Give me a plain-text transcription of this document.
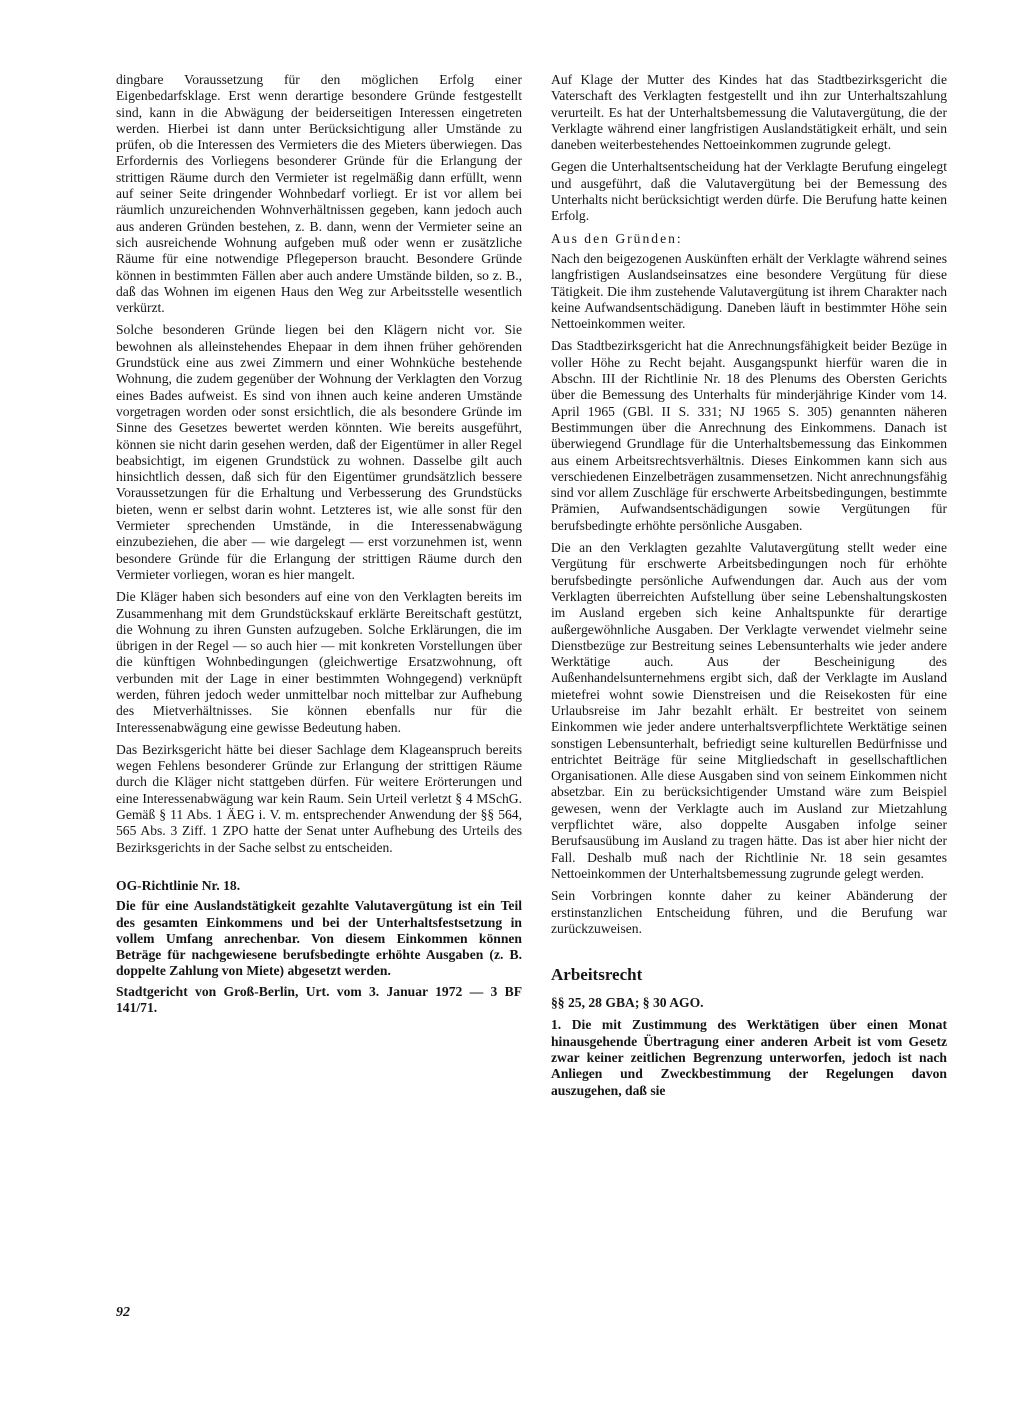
dingbare Voraussetzung für den möglichen Erfolg einer Eigenbedarfsklage. Erst wenn derartige besondere Gründe festgestellt sind, kann in die Abwägung der beiderseitigen Interessen eingetreten werden. Hierbei ist dann unter Berücksichtigung aller Umstände zu prüfen, ob die Interessen des Vermieters die des Mieters überwiegen. Das Erfordernis des Vorliegens besonderer Gründe für die Erlangung der strittigen Räume durch den Vermieter ist regelmäßig dann erfüllt, wenn auf seiner Seite dringender Wohnbedarf vorliegt. Er ist vor allem bei räumlich unzureichenden Wohnverhältnissen gegeben, kann jedoch auch aus anderen Gründen bestehen, z. B. dann, wenn der Vermieter seine an sich ausreichende Wohnung aufgeben muß oder wenn er zusätzliche Räume für eine notwendige Pflegeperson braucht. Besondere Gründe können in bestimmten Fällen aber auch andere Umstände bilden, so z. B., daß das Wohnen im eigenen Haus den Weg zur Arbeitsstelle wesentlich verkürzt.

Solche besonderen Gründe liegen bei den Klägern nicht vor. Sie bewohnen als alleinstehendes Ehepaar in dem ihnen früher gehörenden Grundstück eine aus zwei Zimmern und einer Wohnküche bestehende Wohnung, die zudem gegenüber der Wohnung der Verklagten den Vorzug eines Bades aufweist. Es sind von ihnen auch keine anderen Umstände vorgetragen worden oder sonst ersichtlich, die als besondere Gründe im Sinne des Gesetzes bewertet werden könnten. Wie bereits ausgeführt, können sie nicht darin gesehen werden, daß der Eigentümer in aller Regel beabsichtigt, im eigenen Grundstück zu wohnen. Dasselbe gilt auch hinsichtlich dessen, daß sich für den Eigentümer grundsätzlich bessere Voraussetzungen für die Erhaltung und Verbesserung des Grundstücks bieten, wenn er selbst darin wohnt. Letzteres ist, wie alle sonst für den Vermieter sprechenden Umstände, in die Interessenabwägung einzubeziehen, die aber — wie dargelegt — erst vorzunehmen ist, wenn besondere Gründe für die Erlangung der strittigen Räume durch den Vermieter vorliegen, woran es hier mangelt.

Die Kläger haben sich besonders auf eine von den Verklagten bereits im Zusammenhang mit dem Grundstückskauf erklärte Bereitschaft gestützt, die Wohnung zu ihren Gunsten aufzugeben. Solche Erklärungen, die im übrigen in der Regel — so auch hier — mit konkreten Vorstellungen über die künftigen Wohnbedingungen (gleichwertige Ersatzwohnung, oft verbunden mit der Lage in einer bestimmten Wohngegend) verknüpft werden, führen jedoch weder unmittelbar noch mittelbar zur Aufhebung des Mietverhältnisses. Sie können ebenfalls nur für die Interessenabwägung eine gewisse Bedeutung haben.

Das Bezirksgericht hätte bei dieser Sachlage dem Klageanspruch bereits wegen Fehlens besonderer Gründe zur Erlangung der strittigen Räume durch die Kläger nicht stattgeben dürfen. Für weitere Erörterungen und eine Interessenabwägung war kein Raum. Sein Urteil verletzt § 4 MSchG. Gemäß § 11 Abs. 1 ÄEG i. V. m. entsprechender Anwendung der §§ 564, 565 Abs. 3 Ziff. 1 ZPO hatte der Senat unter Aufhebung des Urteils des Bezirksgerichts in der Sache selbst zu entscheiden.

OG-Richtlinie Nr. 18.

Die für eine Auslandstätigkeit gezahlte Valutavergütung ist ein Teil des gesamten Einkommens und bei der Unterhaltsfestsetzung in vollem Umfang anrechenbar. Von diesem Einkommen können Beträge für nachgewiesene berufsbedingte erhöhte Ausgaben (z. B. doppelte Zahlung von Miete) abgesetzt werden.

Stadtgericht von Groß-Berlin, Urt. vom 3. Januar 1972 — 3 BF 141/71.

Auf Klage der Mutter des Kindes hat das Stadtbezirksgericht die Vaterschaft des Verklagten festgestellt und ihn zur Unterhaltszahlung verurteilt. Es hat der Unterhaltsbemessung die Valutavergütung, die der Verklagte während einer langfristigen Auslandstätigkeit erhält, und sein daneben weiterbestehendes Nettoeinkommen zugrunde gelegt.

Gegen die Unterhaltsentscheidung hat der Verklagte Berufung eingelegt und ausgeführt, daß die Valutavergütung bei der Bemessung des Unterhalts nicht berücksichtigt werden dürfe. Die Berufung hatte keinen Erfolg.

Aus den Gründen:

Nach den beigezogenen Auskünften erhält der Verklagte während seines langfristigen Auslandseinsatzes eine besondere Vergütung für diese Tätigkeit. Die ihm zustehende Valutavergütung ist ihrem Charakter nach keine Aufwandsentschädigung. Daneben läuft in bestimmter Höhe sein Nettoeinkommen weiter.

Das Stadtbezirksgericht hat die Anrechnungsfähigkeit beider Bezüge in voller Höhe zu Recht bejaht. Ausgangspunkt hierfür waren die in Abschn. III der Richtlinie Nr. 18 des Plenums des Obersten Gerichts über die Bemessung des Unterhalts für minderjährige Kinder vom 14. April 1965 (GBl. II S. 331; NJ 1965 S. 305) genannten näheren Bestimmungen über die Anrechnung des Einkommens. Danach ist überwiegend Grundlage für die Unterhaltsbemessung das Einkommen aus einem Arbeitsrechtsverhältnis. Dieses Einkommen kann sich aus verschiedenen Einzelbeträgen zusammensetzen. Nicht anrechnungsfähig sind vor allem Zuschläge für erschwerte Arbeitsbedingungen, bestimmte Prämien, Aufwandsentschädigungen sowie Vergütungen für berufsbedingte erhöhte persönliche Ausgaben.

Die an den Verklagten gezahlte Valutavergütung stellt weder eine Vergütung für erschwerte Arbeitsbedingungen noch für erhöhte berufsbedingte persönliche Aufwendungen dar. Auch aus der vom Verklagten überreichten Aufstellung über seine Lebenshaltungskosten im Ausland ergeben sich keine Anhaltspunkte für derartige außergewöhnliche Ausgaben. Der Verklagte verwendet vielmehr seine Dienstbezüge zur Bestreitung seines Lebensunterhalts wie jeder andere Werktätige auch. Aus der Bescheinigung des Außenhandelsunternehmens ergibt sich, daß der Verklagte im Ausland mietefrei wohnt sowie Dienstreisen und die Reisekosten für eine Urlaubsreise im Jahr bezahlt erhält. Er bestreitet von seinem Einkommen wie jeder andere unterhaltsverpflichtete Werktätige seinen sonstigen Lebensunterhalt, befriedigt seine kulturellen Bedürfnisse und entrichtet Beiträge für seine Mitgliedschaft in gesellschaftlichen Organisationen. Alle diese Ausgaben sind von seinem Einkommen nicht absetzbar. Ein zu berücksichtigender Umstand wäre zum Beispiel gewesen, wenn der Verklagte auch im Ausland zur Mietzahlung verpflichtet wäre, also doppelte Ausgaben infolge seiner Berufsausübung im Ausland zu tragen hätte. Das ist aber hier nicht der Fall. Deshalb muß nach der Richtlinie Nr. 18 sein gesamtes Nettoeinkommen der Unterhaltsbemessung zugrunde gelegt werden.

Sein Vorbringen konnte daher zu keiner Abänderung der erstinstanzlichen Entscheidung führen, und die Berufung war zurückzuweisen.

Arbeitsrecht

§§ 25, 28 GBA; § 30 AGO.

1. Die mit Zustimmung des Werktätigen über einen Monat hinausgehende Übertragung einer anderen Arbeit ist vom Gesetz zwar keiner zeitlichen Begrenzung unterworfen, jedoch ist nach Anliegen und Zweckbestimmung der Regelungen davon auszugehen, daß sie

92
